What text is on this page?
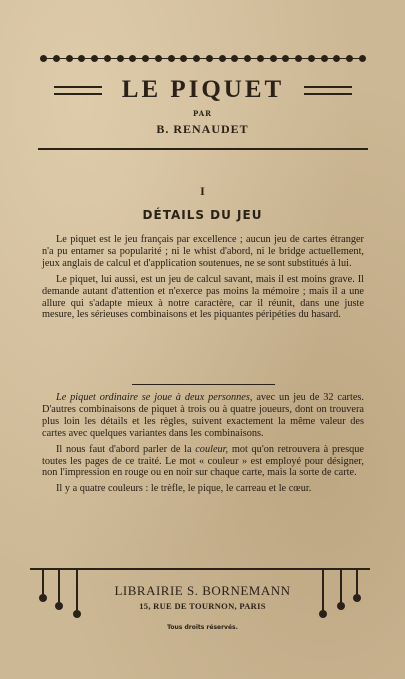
LE PIQUET
PAR
B. RENAUDET
I
DÉTAILS DU JEU

Le piquet est le jeu français par excellence ; aucun jeu de cartes étranger n'a pu entamer sa popularité ; ni le whist d'abord, ni le bridge actuellement, jeux anglais de calcul et d'application soutenues, ne se sont substitués à lui.

Le piquet, lui aussi, est un jeu de calcul savant, mais il est moins grave. Il demande autant d'attention et n'exerce pas moins la mémoire ; mais il a une allure qui s'adapte mieux à notre caractère, car il réunit, dans une juste mesure, les sérieuses combinaisons et les piquantes péripéties du hasard.

Le piquet ordinaire se joue à deux personnes, avec un jeu de 32 cartes. D'autres combinaisons de piquet à trois ou à quatre joueurs, dont on trouvera plus loin les détails et les règles, suivent exactement la même valeur des cartes avec quelques variantes dans les combinaisons.

Il nous faut d'abord parler de la couleur, mot qu'on retrouvera à presque toutes les pages de ce traité. Le mot « couleur » est employé pour désigner, non l'impression en rouge ou en noir sur chaque carte, mais la sorte de carte.

Il y a quatre couleurs : le trèfle, le pique, le carreau et le cœur.

LIBRAIRIE S. BORNEMANN
15, RUE DE TOURNON, PARIS
Tous droits réservés.
